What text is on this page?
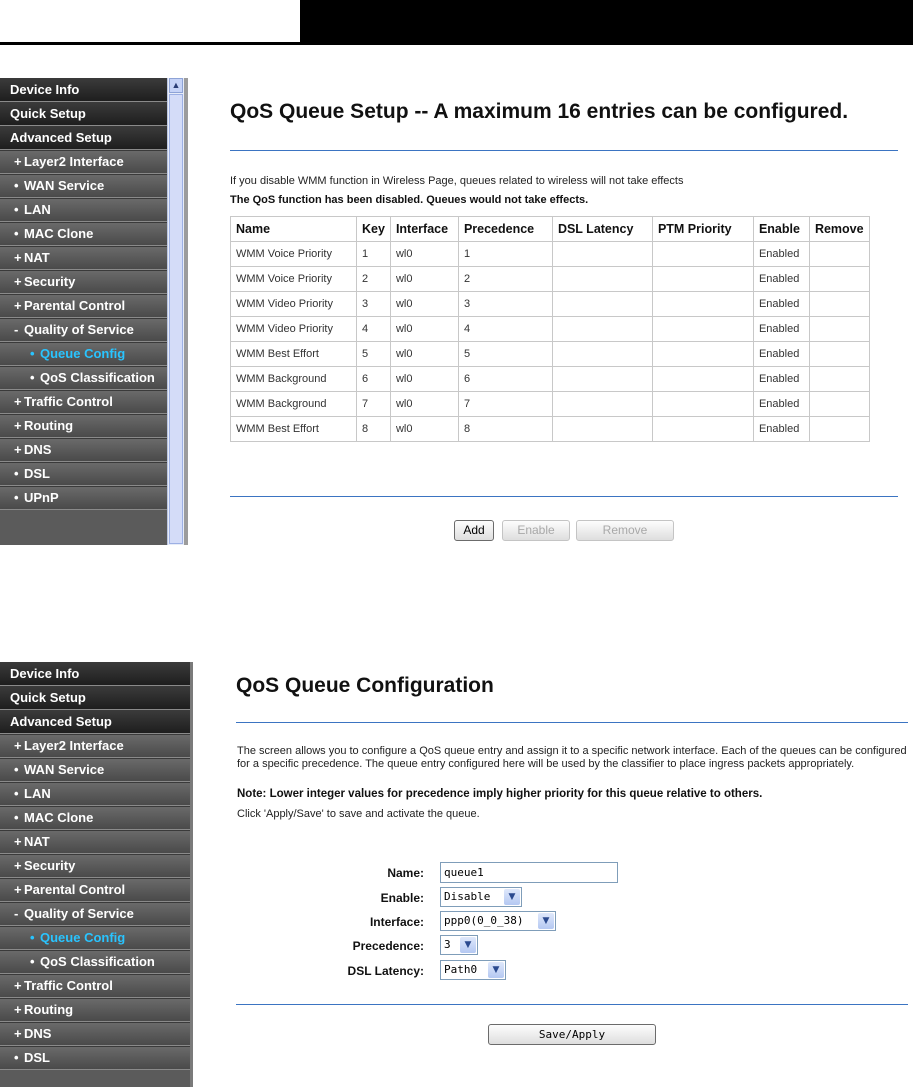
Device Info
Quick Setup
Advanced Setup
+ Layer2 Interface
• WAN Service
• LAN
• MAC Clone
+ NAT
+ Security
+ Parental Control
- Quality of Service
• Queue Config
• QoS Classification
+ Traffic Control
+ Routing
+ DNS
• DSL
• UPnP
▲
QoS Queue Setup -- A maximum 16 entries can be configured.
If you disable WMM function in Wireless Page, queues related to wireless will not take effects
The QoS function has been disabled. Queues would not take effects.
Name	Key	Interface	Precedence	DSL Latency	PTM Priority	Enable	Remove
WMM Voice Priority	1	wl0	1			Enabled	
WMM Voice Priority	2	wl0	2			Enabled	
WMM Video Priority	3	wl0	3			Enabled	
WMM Video Priority	4	wl0	4			Enabled	
WMM Best Effort	5	wl0	5			Enabled	
WMM Background	6	wl0	6			Enabled	
WMM Background	7	wl0	7			Enabled	
WMM Best Effort	8	wl0	8			Enabled	
Add	Enable	Remove
Device Info
Quick Setup
Advanced Setup
+ Layer2 Interface
• WAN Service
• LAN
• MAC Clone
+ NAT
+ Security
+ Parental Control
- Quality of Service
• Queue Config
• QoS Classification
+ Traffic Control
+ Routing
+ DNS
• DSL
QoS Queue Configuration

The screen allows you to configure a QoS queue entry and assign it to a specific network interface. Each of the queues can be configured for a specific precedence. The queue entry configured here will be used by the classifier to place ingress packets appropriately.

Note: Lower integer values for precedence imply higher priority for this queue relative to others.
Click 'Apply/Save' to save and activate the queue.
Name:	queue1
Enable:	Disable	▼
Interface:	ppp0(0_0_38)	▼
Precedence:	3	▼
DSL Latency:	Path0	▼
Save/Apply
